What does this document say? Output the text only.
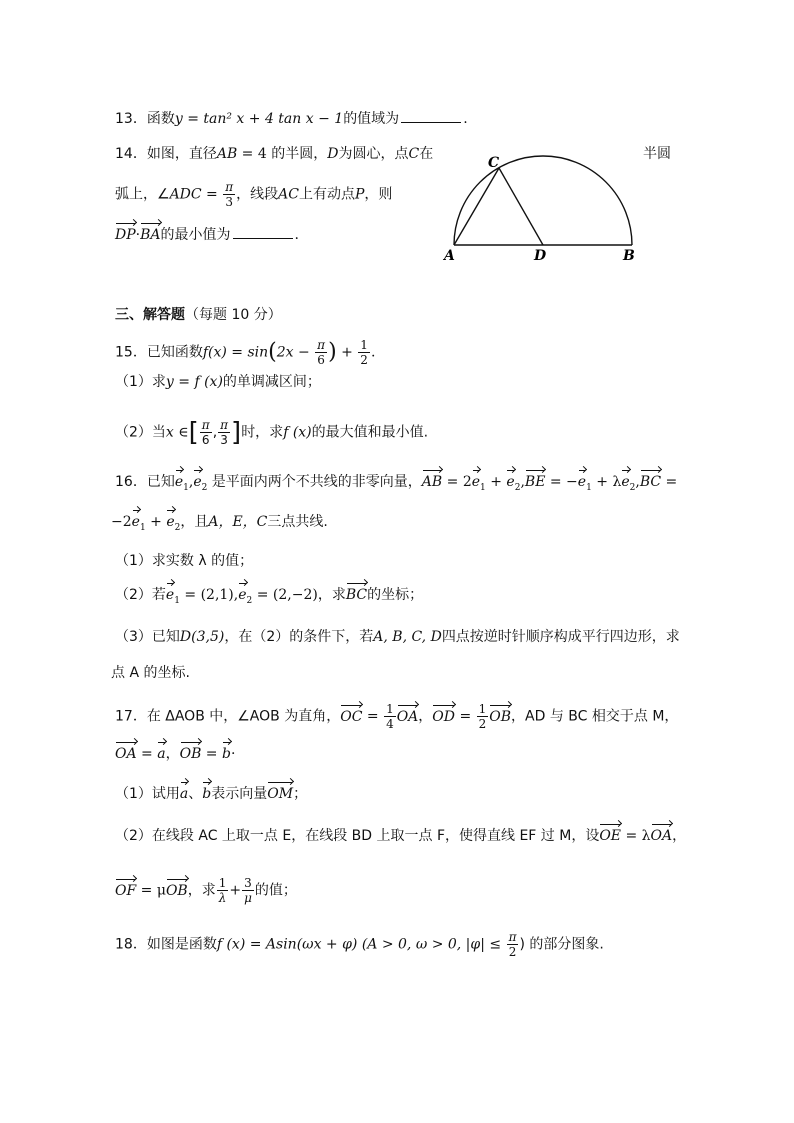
13．函数y = tan² x + 4 tan x − 1的值域为	.
14．如图，直径AB = 4 的半圆，D为圆心，点C在	半圆
弧上，∠ADC = $\frac{\pi}{3}$ ，线段AC上有动点P，则
DP·BA的最小值为	.
C
A	D	B
三、解答题（每题 10 分）
15．已知函数$f(x) = \sin(2x - \frac{\pi}{6}$ ) + $\frac{1}{2}$ .
（1）求y = f (x)的单调减区间；
（2）当x ∈[ $\frac{\pi}{6}$ , $\frac{\pi}{3}$ ]时，求f (x)的最大值和最小值.
16．已知$e_1,e_2$ 是平面内两个不共线的非零向量，AB = $2e_1 + e_2,BE = -e_1 + \lambda e_2,BC$ =
$-2e_1 + e_2$，且A，E，C三点共线.
（1）求实数 λ 的值；
（2）若$e_1 = (2,1),e_2 = (2,-2)$，求BC的坐标；
（3）已知D(3,5)，在（2）的条件下，若A, B, C, D四点按逆时针顺序构成平行四边形，求
点 A 的坐标.
17．在 ΔAOB 中，∠AOB 为直角，OC = $\frac{1}{4}$ OA，OD = $\frac{1}{2}$ OB，AD 与 BC 相交于点 M，
OA = a，OB = b·
（1）试用a、b表示向量OM；
（2）在线段 AC 上取一点 E，在线段 BD 上取一点 F，使得直线 EF 过 M，设OE = λOA，
OF = μOB，求 $\frac{1}{\lambda} + \frac{3}{\mu}$ 的值；
18．如图是函数f (x) = Asin(ωx + φ) (A > 0, ω > 0, $|\varphi| \le \frac{\pi}{2}$ ) 的部分图象.
